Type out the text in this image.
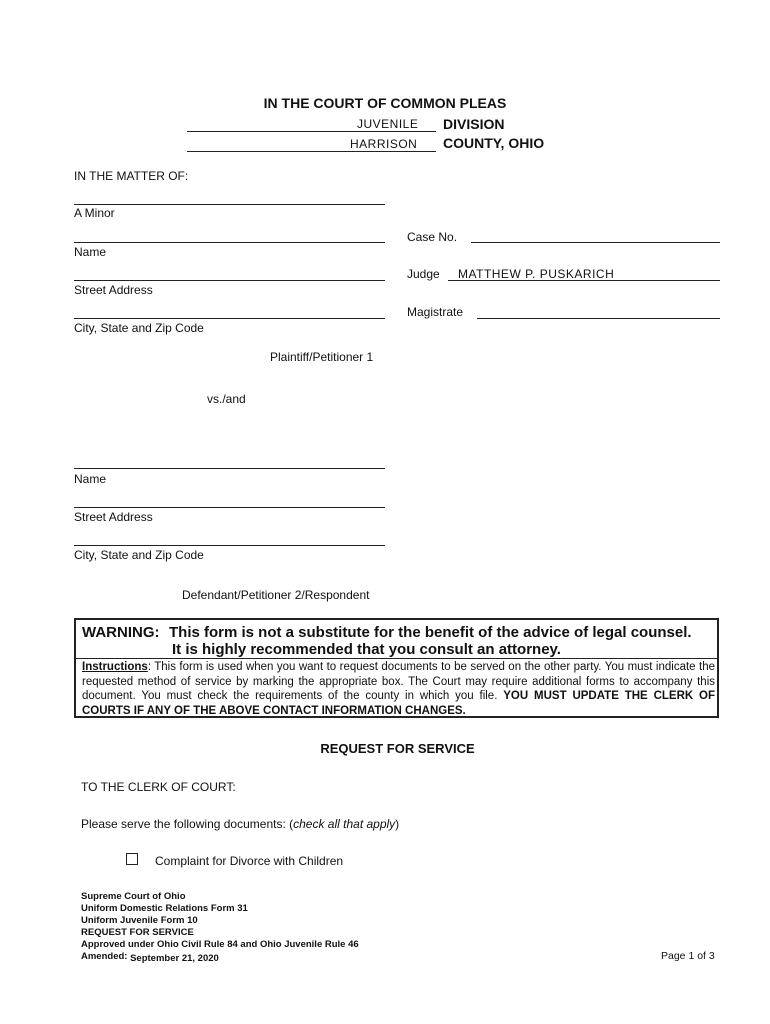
IN THE COURT OF COMMON PLEAS
JUVENILE DIVISION
HARRISON COUNTY, OHIO
IN THE MATTER OF:
A Minor
Name
Street Address
City, State and Zip Code
Plaintiff/Petitioner 1
Case No.
Judge MATTHEW P. PUSKARICH
Magistrate
vs./and
Name
Street Address
City, State and Zip Code
Defendant/Petitioner 2/Respondent
WARNING: This form is not a substitute for the benefit of the advice of legal counsel.
It is highly recommended that you consult an attorney.
Instructions: This form is used when you want to request documents to be served on the other party. You must indicate the requested method of service by marking the appropriate box. The Court may require additional forms to accompany this document. You must check the requirements of the county in which you file. YOU MUST UPDATE THE CLERK OF COURTS IF ANY OF THE ABOVE CONTACT INFORMATION CHANGES.
REQUEST FOR SERVICE
TO THE CLERK OF COURT:
Please serve the following documents: (check all that apply)
Complaint for Divorce with Children
Supreme Court of Ohio
Uniform Domestic Relations Form 31
Uniform Juvenile Form 10
REQUEST FOR SERVICE
Approved under Ohio Civil Rule 84 and Ohio Juvenile Rule 46
Amended: September 21, 2020	Page 1 of 3
